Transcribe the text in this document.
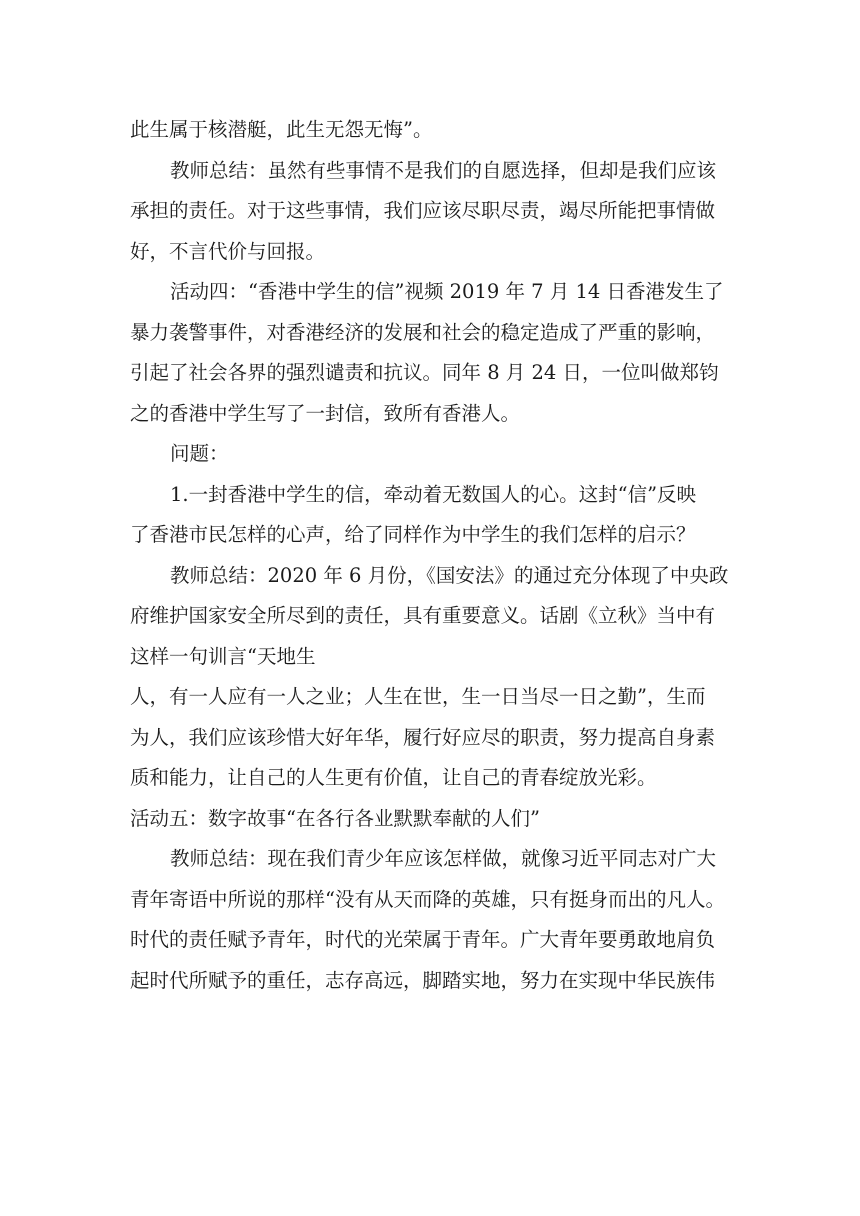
此生属于核潜艇，此生无怨无悔”。
教师总结：虽然有些事情不是我们的自愿选择，但却是我们应该
承担的责任。对于这些事情，我们应该尽职尽责，竭尽所能把事情做
好，不言代价与回报。
活动四：“香港中学生的信”视频 2019 年 7 月 14 日香港发生了
暴力袭警事件，对香港经济的发展和社会的稳定造成了严重的影响，
引起了社会各界的强烈谴责和抗议。同年 8 月 24 日，一位叫做郑钧
之的香港中学生写了一封信，致所有香港人。
问题：
1.一封香港中学生的信，牵动着无数国人的心。这封“信”反映
了香港市民怎样的心声，给了同样作为中学生的我们怎样的启示？
教师总结：2020 年 6 月份，《国安法》的通过充分体现了中央政
府维护国家安全所尽到的责任，具有重要意义。话剧《立秋》当中有
这样一句训言“天地生
人，有一人应有一人之业；人生在世，生一日当尽一日之勤”，生而
为人，我们应该珍惜大好年华，履行好应尽的职责，努力提高自身素
质和能力，让自己的人生更有价值，让自己的青春绽放光彩。
活动五：数字故事“在各行各业默默奉献的人们”
教师总结：现在我们青少年应该怎样做，就像习近平同志对广大
青年寄语中所说的那样“没有从天而降的英雄，只有挺身而出的凡人。
时代的责任赋予青年，时代的光荣属于青年。广大青年要勇敢地肩负
起时代所赋予的重任，志存高远，脚踏实地，努力在实现中华民族伟
